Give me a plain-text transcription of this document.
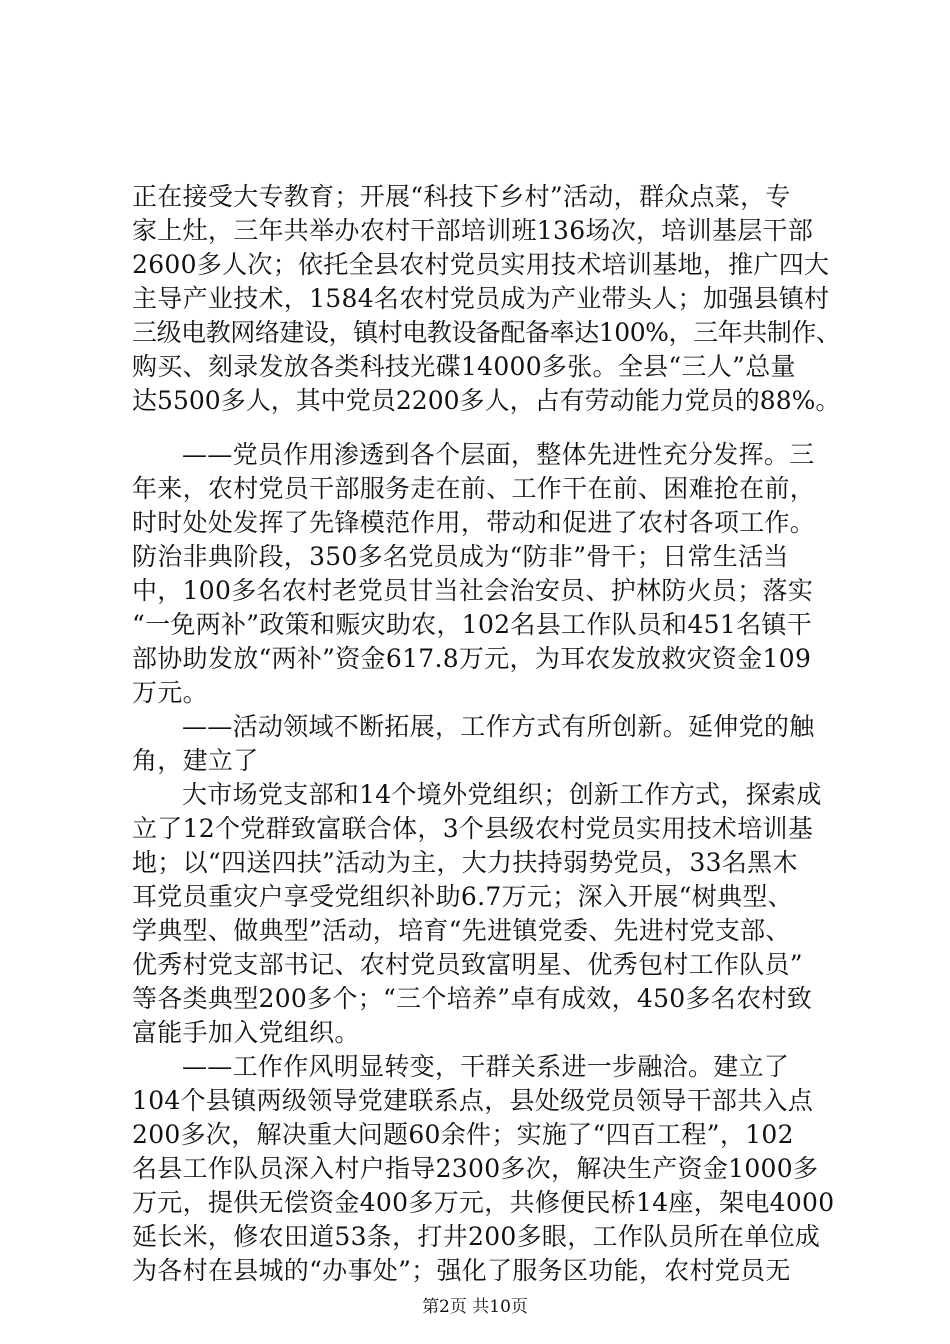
正在接受大专教育；开展“科技下乡村”活动，群众点菜，专
家上灶，三年共举办农村干部培训班136场次，培训基层干部
2600多人次；依托全县农村党员实用技术培训基地，推广四大
主导产业技术，1584名农村党员成为产业带头人；加强县镇村
三级电教网络建设，镇村电教设备配备率达100%，三年共制作、
购买、刻录发放各类科技光碟14000多张。全县“三人”总量
达5500多人，其中党员2200多人，占有劳动能力党员的88%。
——党员作用渗透到各个层面，整体先进性充分发挥。三
年来，农村党员干部服务走在前、工作干在前、困难抢在前，
时时处处发挥了先锋模范作用，带动和促进了农村各项工作。
防治非典阶段，350多名党员成为“防非”骨干；日常生活当
中，100多名农村老党员甘当社会治安员、护林防火员；落实
“一免两补”政策和赈灾助农，102名县工作队员和451名镇干
部协助发放“两补”资金617.8万元，为耳农发放救灾资金109
万元。
——活动领域不断拓展，工作方式有所创新。延伸党的触
角，建立了
大市场党支部和14个境外党组织；创新工作方式，探索成
立了12个党群致富联合体，3个县级农村党员实用技术培训基
地；以“四送四扶”活动为主，大力扶持弱势党员，33名黑木
耳党员重灾户享受党组织补助6.7万元；深入开展“树典型、
学典型、做典型”活动，培育“先进镇党委、先进村党支部、
优秀村党支部书记、农村党员致富明星、优秀包村工作队员”
等各类典型200多个；“三个培养”卓有成效，450多名农村致
富能手加入党组织。
——工作作风明显转变，干群关系进一步融洽。建立了
104个县镇两级领导党建联系点，县处级党员领导干部共入点
200多次，解决重大问题60余件；实施了“四百工程”，102
名县工作队员深入村户指导2300多次，解决生产资金1000多
万元，提供无偿资金400多万元，共修便民桥14座，架电4000
延长米，修农田道53条，打井200多眼，工作队员所在单位成
为各村在县城的“办事处”；强化了服务区功能，农村党员无
第2页 共10页
